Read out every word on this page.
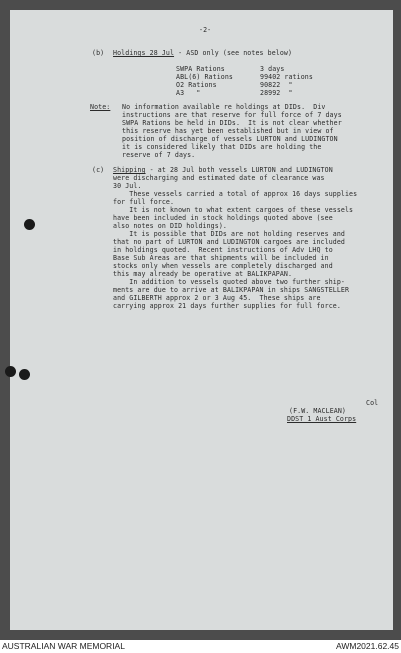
-2-
(b) Holdings 28 Jul - ASD only (see notes below)
SWPA Rations	3 days
ABL(6) Rations	99402 rations
O2 Rations	90822  "
A3   "	28992  "
Note: No information available re holdings at DIDs.  Div
instructions are that reserve for full force of 7 days
SWPA Rations be held in DIDs.  It is not clear whether
this reserve has yet been established but in view of
position of discharge of vessels LURTON and LUDINGTON
it is considered likely that DIDs are holding the
reserve of 7 days.
(c) Shipping - at 28 Jul both vessels LURTON and LUDINGTON
were discharging and estimated date of clearance was
30 Jul.
These vessels carried a total of approx 16 days supplies
for full force.
It is not known to what extent cargoes of these vessels
have been included in stock holdings quoted above (see
also notes on DID holdings).
It is possible that DIDs are not holding reserves and
that no part of LURTON and LUDINGTON cargoes are included
in holdings quoted.  Recent instructions of Adv LHQ to
Base Sub Areas are that shipments will be included in
stocks only when vessels are completely discharged and
this may already be operative at BALIKPAPAN.
In addition to vessels quoted above two further ship-
ments are due to arrive at BALIKPAPAN in ships SANGSTELLER
and GILBERTH approx 2 or 3 Aug 45.  These ships are
carrying approx 21 days further supplies for full force.
Col
(F.W. MACLEAN)
DDST 1 Aust Corps
AUSTRALIAN WAR MEMORIAL	AWM2021.62.45
